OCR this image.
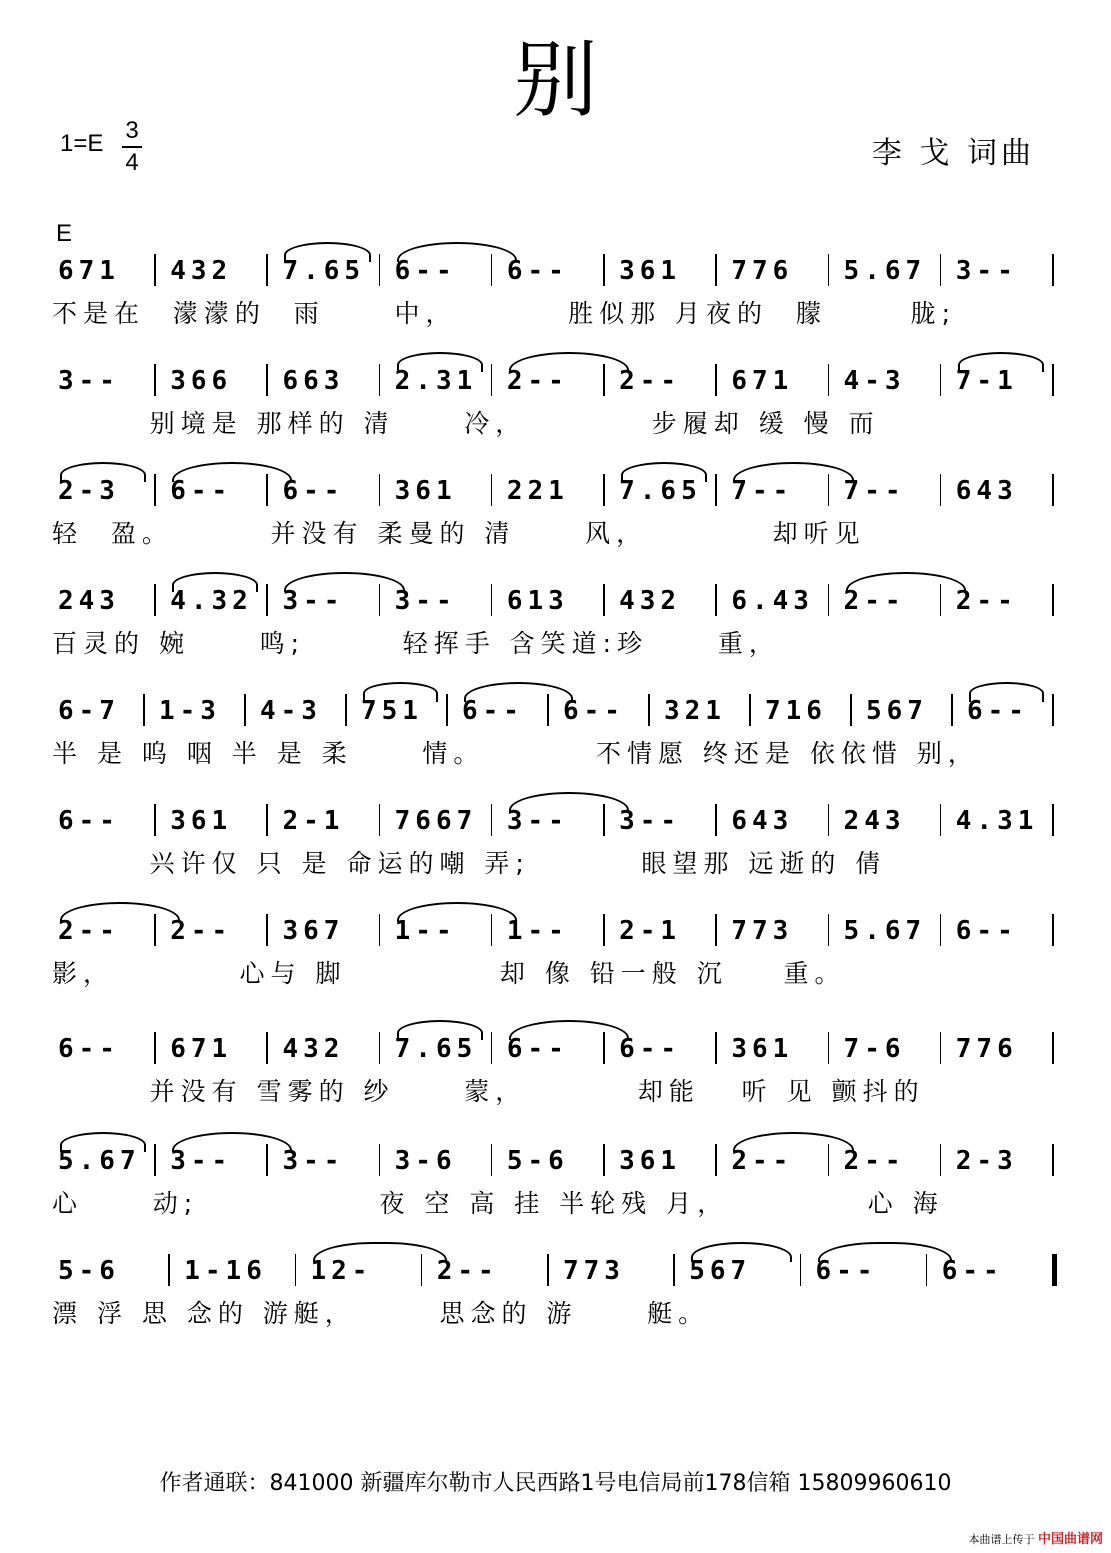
别
1=E 3
4	李 戈 词曲
E
671 432 7.65 6-- 6-- 361 776 5.67 3--
不是在  濛濛的  雨     中，        胜似那 月夜的  朦      胧;
3-- 366 663 2.31 2-- 2-- 671 4-3 7-1
别境是 那样的 清     冷，         步履却 缓 慢 而
2-3 6-- 6-- 361 221 7.65 7-- 7-- 643
轻  盈。       并没有 柔曼的 清     风，         却听见
243 4.32 3-- 3-- 613 432 6.43 2-- 2--
百灵的 婉     鸣;       轻挥手 含笑道:珍     重，
6-7 1-3 4-3 751 6-- 6-- 321 716 567 6--
半 是 呜 咽 半 是 柔     情。        不情愿 终还是 依依惜 别，
6-- 361 2-1 7667 3-- 3-- 643 243 4.31
兴许仅 只 是 命运的嘲 弄;        眼望那 远逝的 倩
2-- 2-- 367 1-- 1-- 2-1 773 5.67 6--
影，         心与 脚           却 像 铅一般 沉    重。
6-- 671 432 7.65 6-- 6-- 361 7-6 776
并没有 雪雾的 纱     蒙，        却能   听 见 颤抖的
5.67 3-- 3-- 3-6 5-6 361 2-- 2-- 2-3
心     动;             夜 空 高 挂 半轮残 月，          心 海
5-6 1-16 12- 2-- 773 567 6-- 6--
漂 浮 思 念的 游艇，      思念的 游     艇。
作者通联：841000 新疆库尔勒市人民西路1号电信局前178信箱 15809960610
本曲谱上传于 中国曲谱网
